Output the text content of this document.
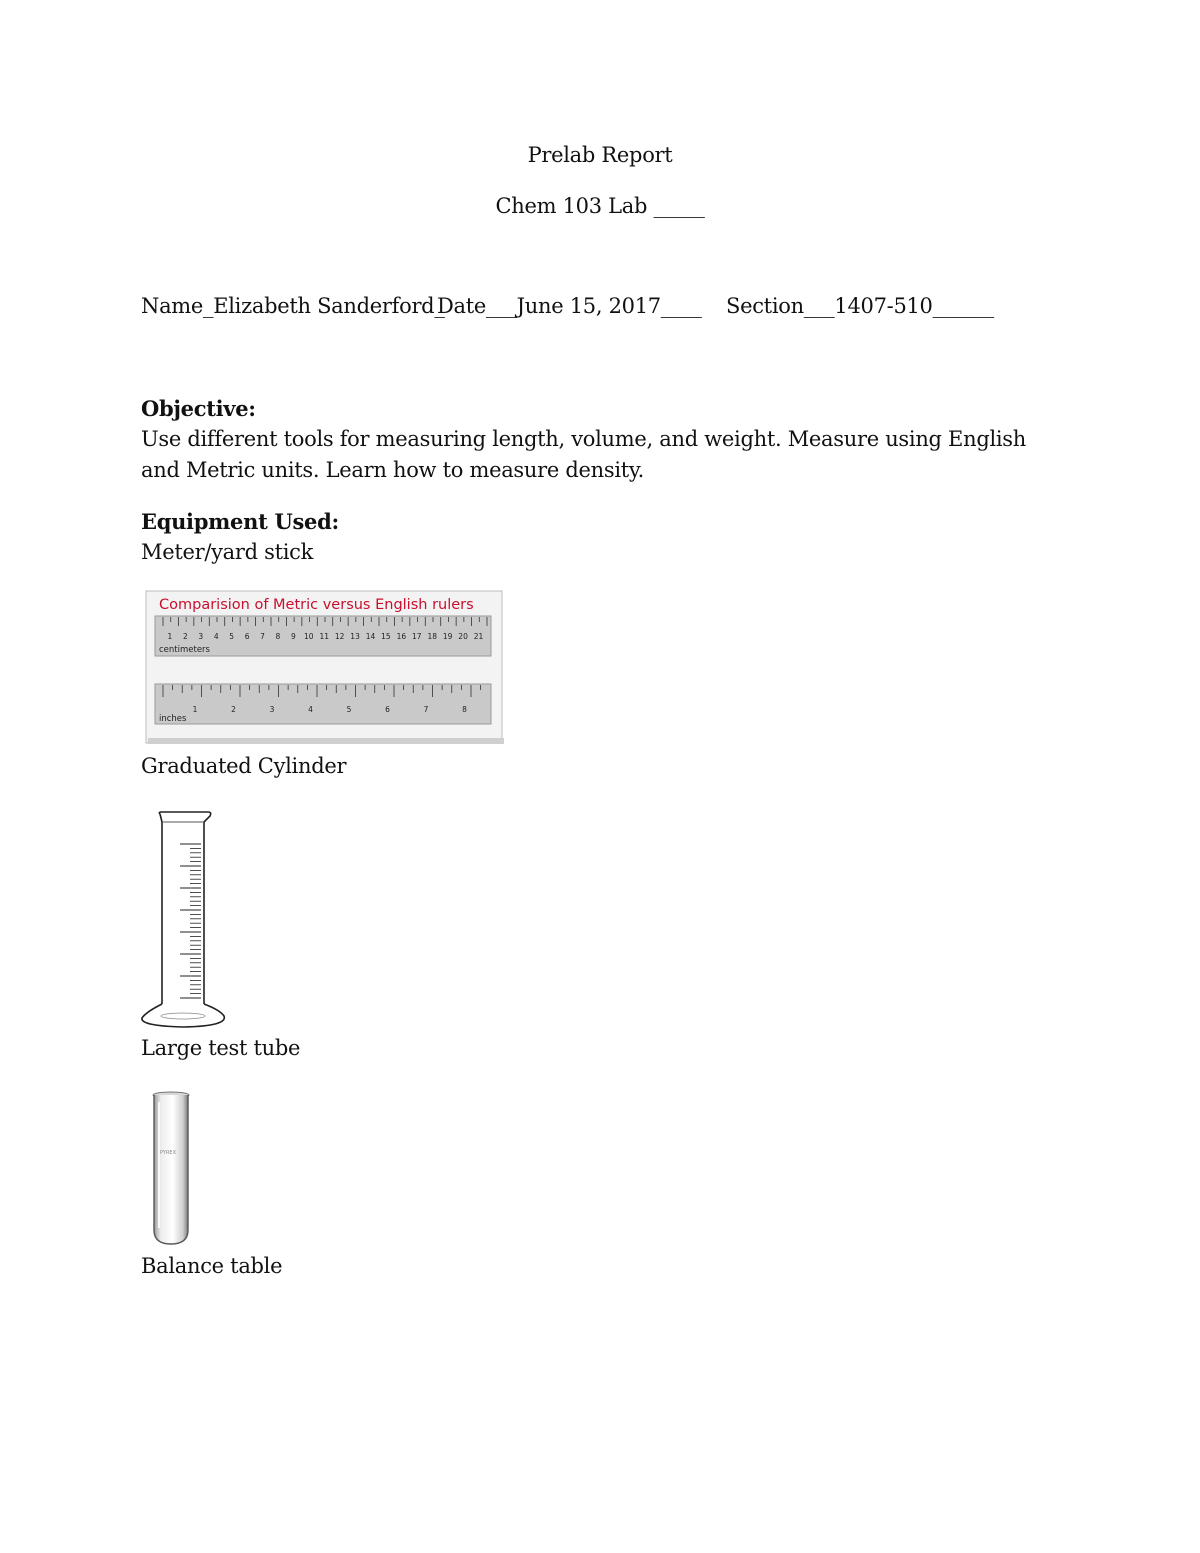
Prelab Report
Chem 103 Lab _____
Name_Elizabeth Sanderford_
Date___June 15, 2017____ Section___1407-510______
Objective:
Use different tools for measuring length, volume, and weight. Measure using English and Metric units. Learn how to measure density.
Equipment Used:
Meter/yard stick
Comparision of Metric versus English rulers
1 2 3 4 5 6 7 8 9 10 11 12 13 14 15 16 17 18 19 20 21
centimeters
1	2	3	4	5	6	7	8
inches
Graduated Cylinder
Large test tube
PYREX
Balance table
